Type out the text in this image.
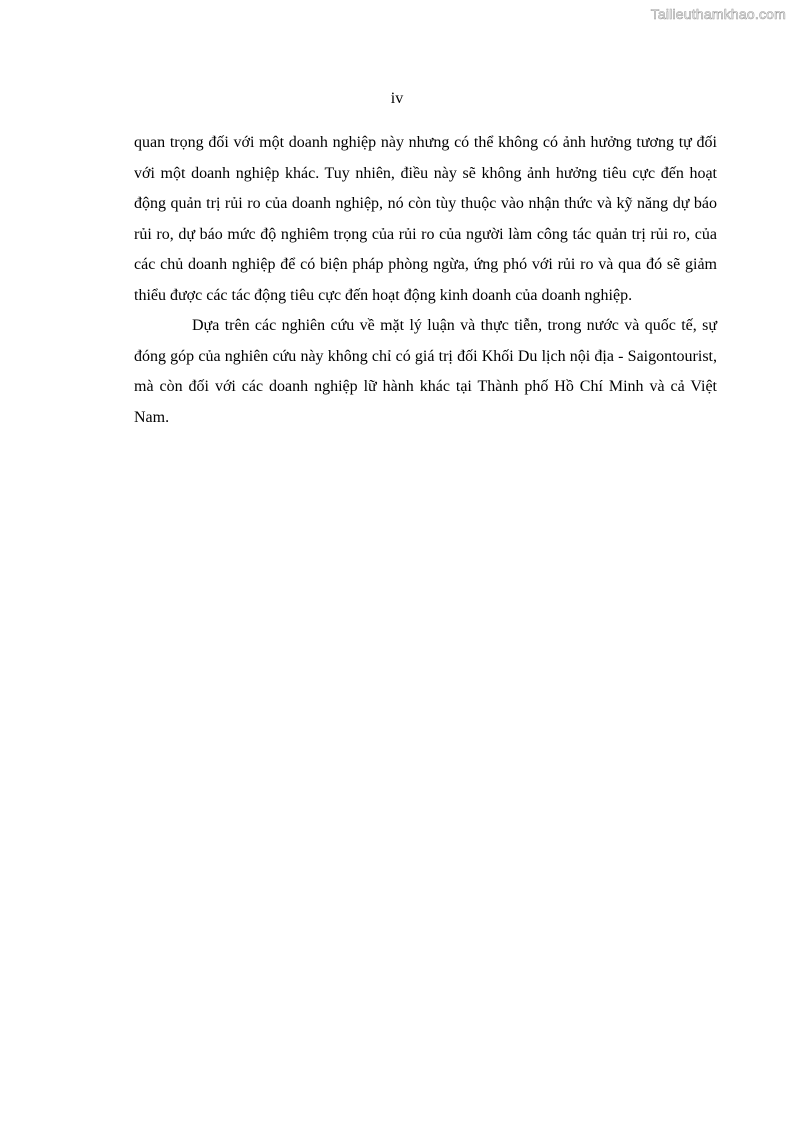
Tailieuthamkhao.com
iv

quan trọng đối với một doanh nghiệp này nhưng có thể không có ảnh hưởng tương tự đối với một doanh nghiệp khác. Tuy nhiên, điều này sẽ không ảnh hưởng tiêu cực đến hoạt động quản trị rủi ro của doanh nghiệp, nó còn tùy thuộc vào nhận thức và kỹ năng dự báo rủi ro, dự báo mức độ nghiêm trọng của rủi ro của người làm công tác quản trị rủi ro, của các chủ doanh nghiệp để có biện pháp phòng ngừa, ứng phó với rủi ro và qua đó sẽ giảm thiểu được các tác động tiêu cực đến hoạt động kinh doanh của doanh nghiệp.

Dựa trên các nghiên cứu về mặt lý luận và thực tiễn, trong nước và quốc tế, sự đóng góp của nghiên cứu này không chỉ có giá trị đối Khối Du lịch nội địa - Saigontourist, mà còn đối với các doanh nghiệp lữ hành khác tại Thành phố Hồ Chí Minh và cả Việt Nam.
